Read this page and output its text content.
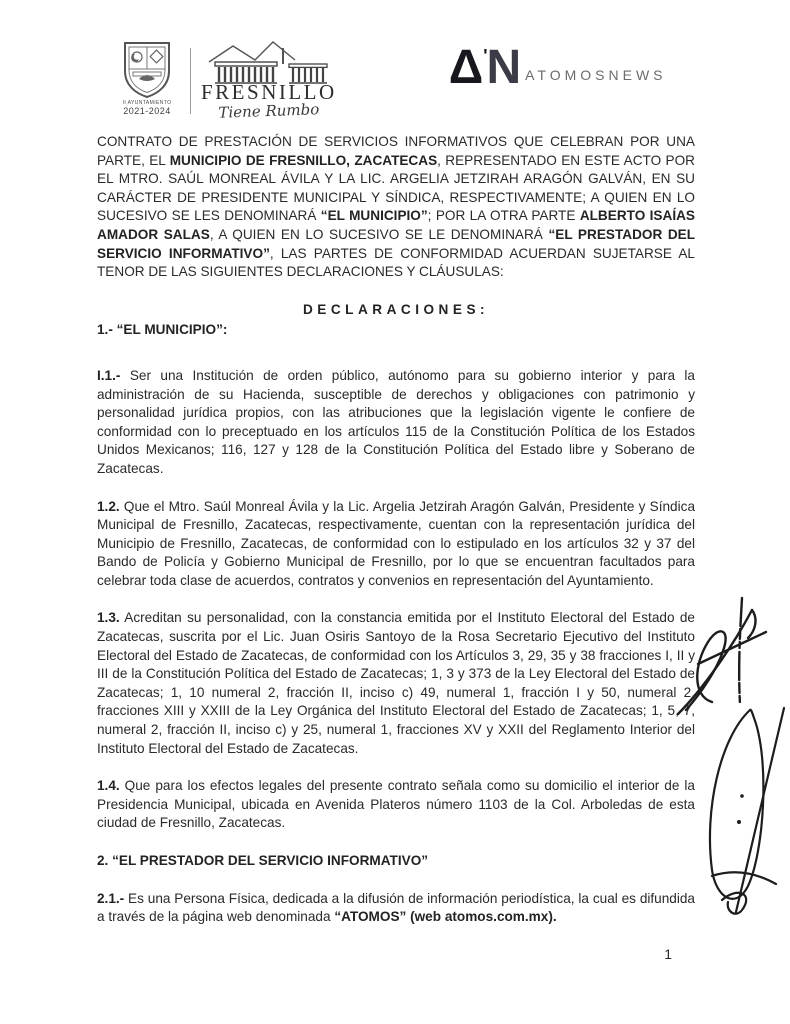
II AYUNTAMIENTO
2021-2024
FRESNILLO
Tiene Rumbo
Δ ' N ATOMOSNEWS

CONTRATO DE PRESTACIÓN DE SERVICIOS INFORMATIVOS QUE CELEBRAN POR UNA PARTE, EL MUNICIPIO DE FRESNILLO, ZACATECAS, REPRESENTADO EN ESTE ACTO POR EL MTRO. SAÚL MONREAL ÁVILA Y LA LIC. ARGELIA JETZIRAH ARAGÓN GALVÁN, EN SU CARÁCTER DE PRESIDENTE MUNICIPAL Y SÍNDICA, RESPECTIVAMENTE; A QUIEN EN LO SUCESIVO SE LES DENOMINARÁ “EL MUNICIPIO”; POR LA OTRA PARTE ALBERTO ISAÍAS AMADOR SALAS, A QUIEN EN LO SUCESIVO SE LE DENOMINARÁ “EL PRESTADOR DEL SERVICIO INFORMATIVO”, LAS PARTES DE CONFORMIDAD ACUERDAN SUJETARSE AL TENOR DE LAS SIGUIENTES DECLARACIONES Y CLÁUSULAS:

DECLARACIONES:
1.- “EL MUNICIPIO”:

I.1.- Ser una Institución de orden público, autónomo para su gobierno interior y para la administración de su Hacienda, susceptible de derechos y obligaciones con patrimonio y personalidad jurídica propios, con las atribuciones que la legislación vigente le confiere de conformidad con lo preceptuado en los artículos 115 de la Constitución Política de los Estados Unidos Mexicanos; 116, 127 y 128 de la Constitución Política del Estado libre y Soberano de Zacatecas.

1.2. Que el Mtro. Saúl Monreal Ávila y la Lic. Argelia Jetzirah Aragón Galván, Presidente y Síndica Municipal de Fresnillo, Zacatecas, respectivamente, cuentan con la representación jurídica del Municipio de Fresnillo, Zacatecas, de conformidad con lo estipulado en los artículos 32 y 37 del Bando de Policía y Gobierno Municipal de Fresnillo, por lo que se encuentran facultados para celebrar toda clase de acuerdos, contratos y convenios en representación del Ayuntamiento.

1.3. Acreditan su personalidad, con la constancia emitida por el Instituto Electoral del Estado de Zacatecas, suscrita por el Lic. Juan Osiris Santoyo de la Rosa Secretario Ejecutivo del Instituto Electoral del Estado de Zacatecas, de conformidad con los Artículos 3, 29, 35 y 38 fracciones I, II y III de la Constitución Política del Estado de Zacatecas; 1, 3 y 373 de la Ley Electoral del Estado de Zacatecas; 1, 10 numeral 2, fracción II, inciso c) 49, numeral 1, fracción I y 50, numeral 2, fracciones XIII y XXIII de la Ley Orgánica del Instituto Electoral del Estado de Zacatecas; 1, 5, 7, numeral 2, fracción II, inciso c) y 25, numeral 1, fracciones XV y XXII del Reglamento Interior del Instituto Electoral del Estado de Zacatecas.

1.4. Que para los efectos legales del presente contrato señala como su domicilio el interior de la Presidencia Municipal, ubicada en Avenida Plateros número 1103 de la Col. Arboledas de esta ciudad de Fresnillo, Zacatecas.

2. “EL PRESTADOR DEL SERVICIO INFORMATIVO”

2.1.- Es una Persona Física, dedicada a la difusión de información periodística, la cual es difundida a través de la página web denominada “ATOMOS” (web atomos.com.mx).

1
